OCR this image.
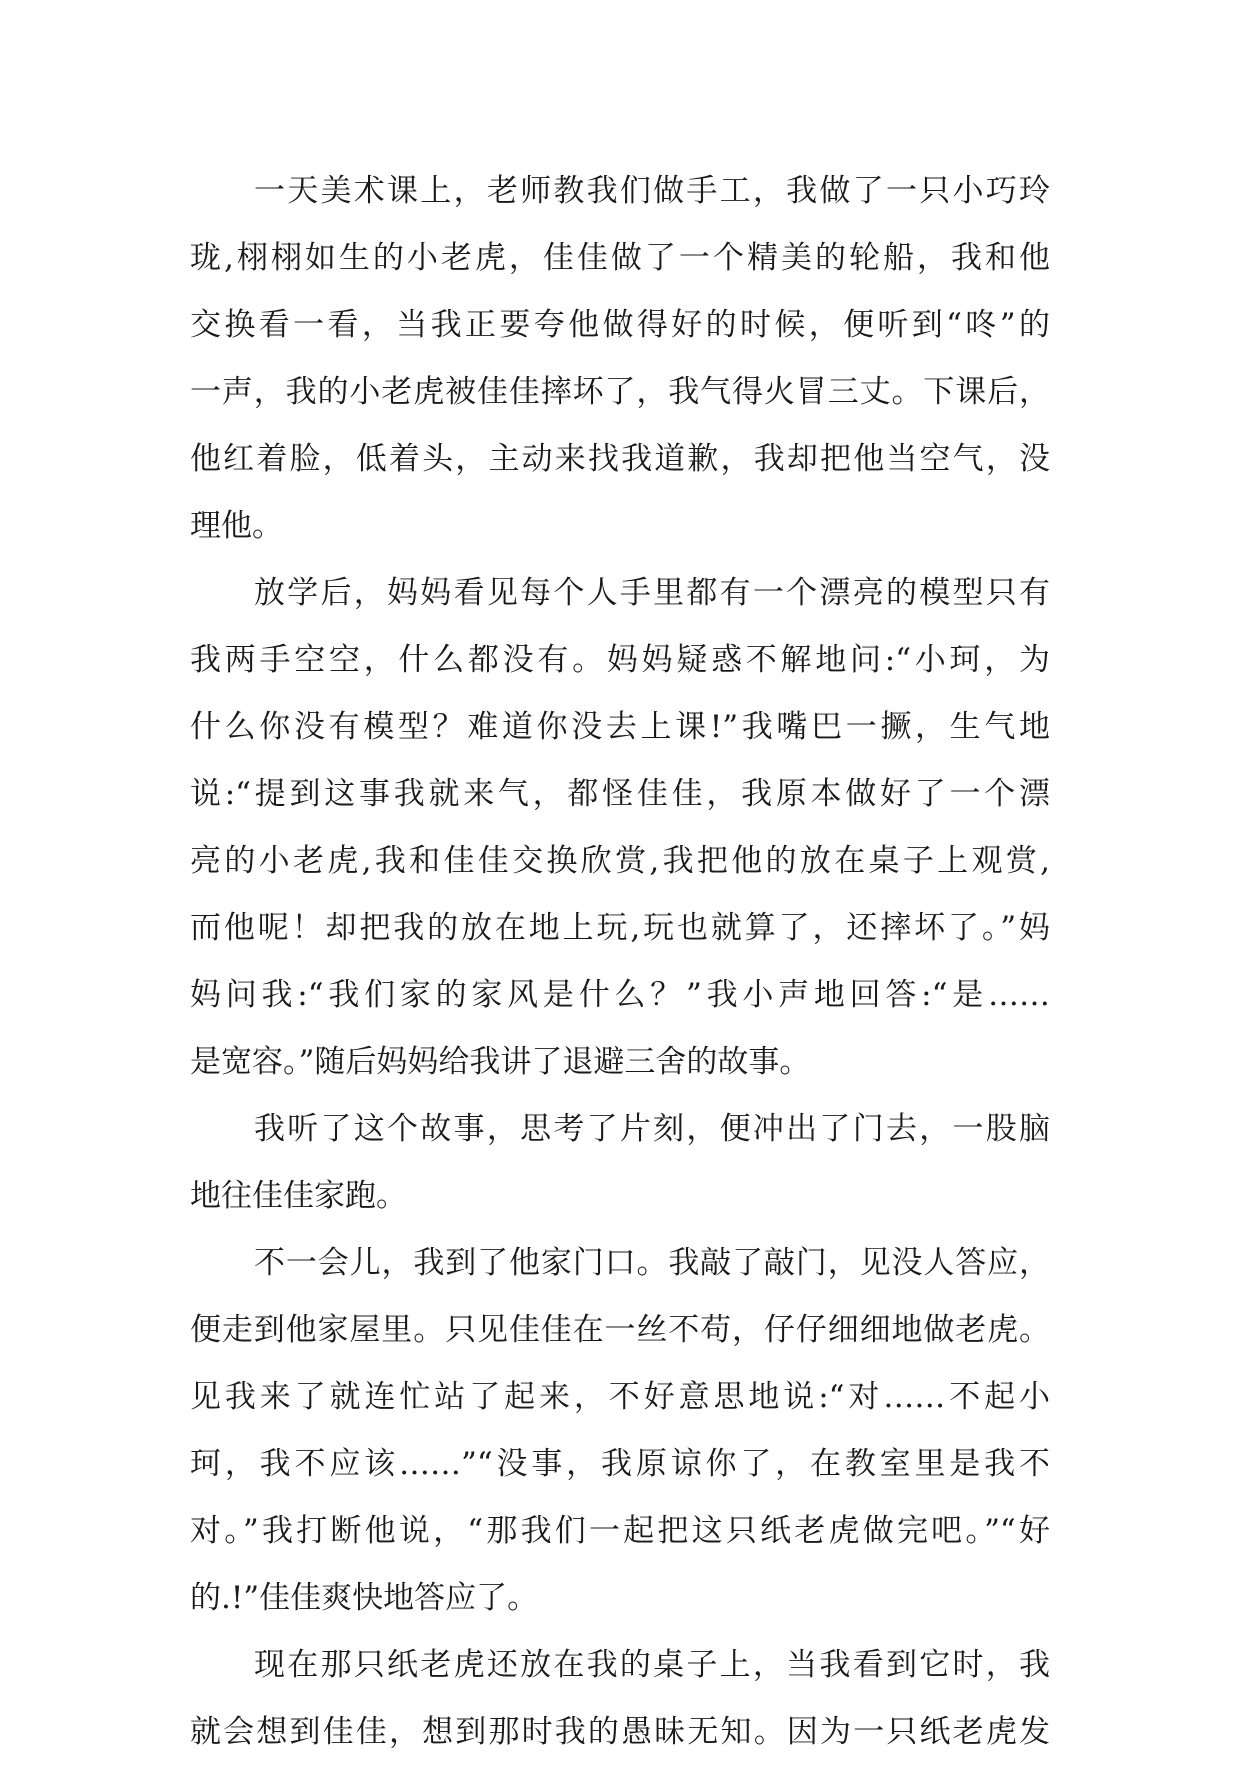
一天美术课上，老师教我们做手工，我做了一只小巧玲
珑,栩栩如生的小老虎，佳佳做了一个精美的轮船，我和他
交换看一看，当我正要夸他做得好的时候，便听到“咚”的
一声，我的小老虎被佳佳摔坏了，我气得火冒三丈。下课后，
他红着脸，低着头，主动来找我道歉，我却把他当空气，没
理他。
放学后，妈妈看见每个人手里都有一个漂亮的模型只有
我两手空空，什么都没有。妈妈疑惑不解地问:“小珂，为
什么你没有模型？难道你没去上课!”我嘴巴一撅，生气地
说:“提到这事我就来气，都怪佳佳，我原本做好了一个漂
亮的小老虎,我和佳佳交换欣赏,我把他的放在桌子上观赏,
而他呢！却把我的放在地上玩,玩也就算了，还摔坏了。”妈
妈问我:“我们家的家风是什么？”我小声地回答:“是……
是宽容。”随后妈妈给我讲了退避三舍的故事。
我听了这个故事，思考了片刻，便冲出了门去，一股脑
地往佳佳家跑。
不一会儿，我到了他家门口。我敲了敲门，见没人答应，
便走到他家屋里。只见佳佳在一丝不苟，仔仔细细地做老虎。
见我来了就连忙站了起来，不好意思地说:“对……不起小
珂，我不应该……”“没事，我原谅你了，在教室里是我不
对。”我打断他说，“那我们一起把这只纸老虎做完吧。”“好
的.!”佳佳爽快地答应了。
现在那只纸老虎还放在我的桌子上，当我看到它时，我
就会想到佳佳，想到那时我的愚昧无知。因为一只纸老虎发
